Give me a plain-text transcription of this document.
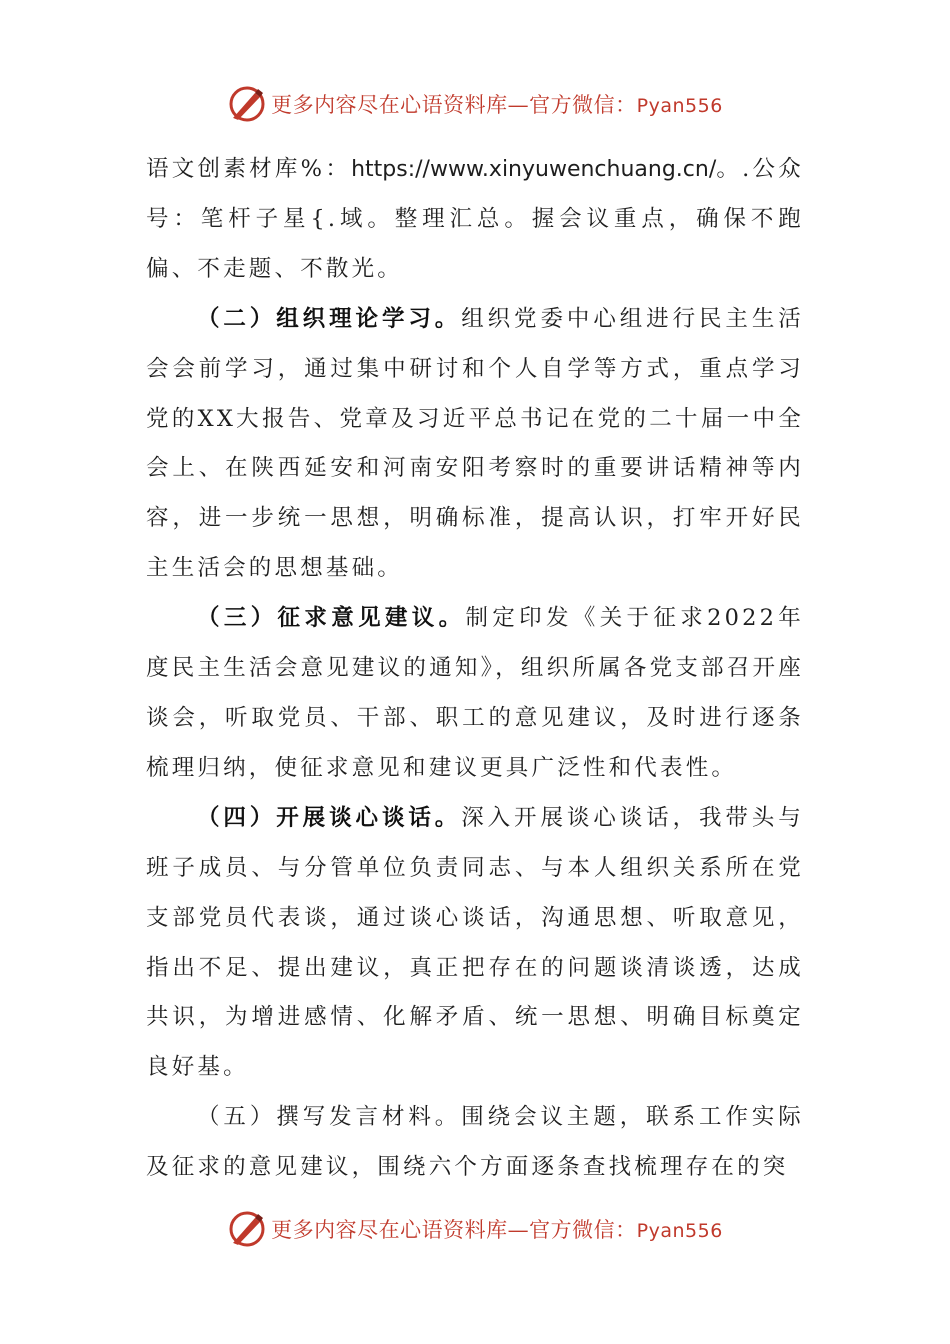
更多内容尽在心语资料库—官方微信：Pyan556

语文创素材库%：https://www.xinyuwenchuang.cn/。.公众号：笔杆子星{.域。整理汇总。握会议重点，确保不跑偏、不走题、不散光。

（二）组织理论学习。组织党委中心组进行民主生活会会前学习，通过集中研讨和个人自学等方式，重点学习党的XX大报告、党章及习近平总书记在党的二十届一中全会上、在陕西延安和河南安阳考察时的重要讲话精神等内容，进一步统一思想，明确标准，提高认识，打牢开好民主生活会的思想基础。

（三）征求意见建议。制定印发《关于征求2022年度民主生活会意见建议的通知》，组织所属各党支部召开座谈会，听取党员、干部、职工的意见建议，及时进行逐条梳理归纳，使征求意见和建议更具广泛性和代表性。

（四）开展谈心谈话。深入开展谈心谈话，我带头与班子成员、与分管单位负责同志、与本人组织关系所在党支部党员代表谈，通过谈心谈话，沟通思想、听取意见，指出不足、提出建议，真正把存在的问题谈清谈透，达成共识，为增进感情、化解矛盾、统一思想、明确目标奠定良好基。

（五）撰写发言材料。围绕会议主题，联系工作实际及征求的意见建议，围绕六个方面逐条查找梳理存在的突

更多内容尽在心语资料库—官方微信：Pyan556
